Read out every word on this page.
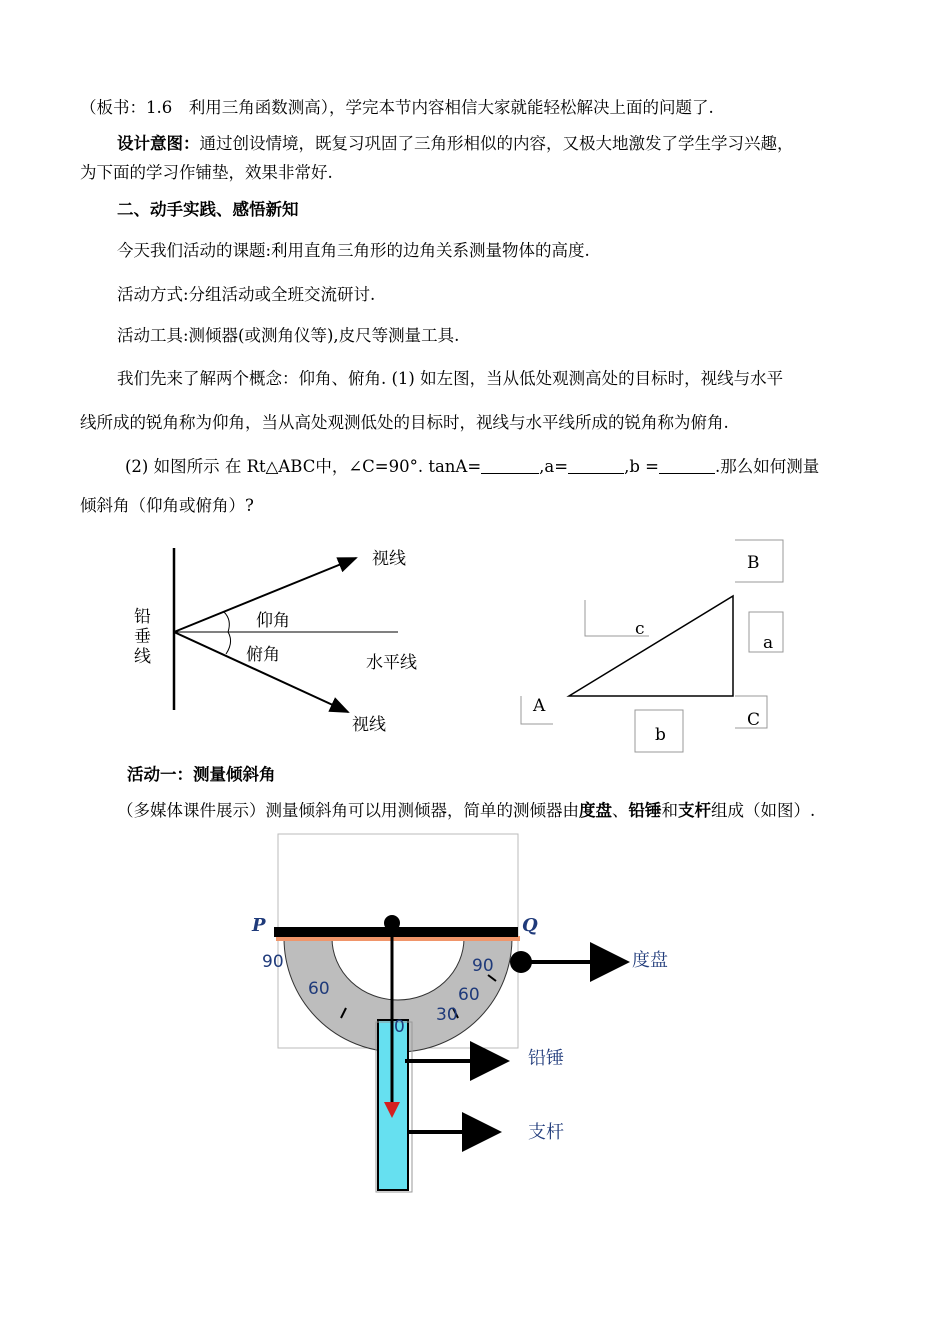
（板书：1.6　利用三角函数测高），学完本节内容相信大家就能轻松解决上面的问题了.
设计意图：通过创设情境，既复习巩固了三角形相似的内容，又极大地激发了学生学习兴趣，
为下面的学习作铺垫，效果非常好.
二、动手实践、感悟新知
今天我们活动的课题:利用直角三角形的边角关系测量物体的高度.
活动方式:分组活动或全班交流研讨.
活动工具:测倾器(或测角仪等),皮尺等测量工具.
我们先来了解两个概念：仰角、俯角. (1) 如左图，当从低处观测高处的目标时，视线与水平
线所成的锐角称为仰角，当从高处观测低处的目标时，视线与水平线所成的锐角称为俯角.
(2) 如图所示 在 Rt△ABC中，∠C=90°. tanA=	,a=	,b =	.那么如何测量
倾斜角（仰角或俯角）?
铅
垂
线
视线
仰角
俯角	水平线
视线
B
c
a
A
C
b
活动一：测量倾斜角
（多媒体课件展示）测量倾斜角可以用测倾器，简单的测倾器由度盘、铅锤和支杆组成（如图）.
P	Q
90
60
90
60
30
0
度盘
铅锤
支杆
